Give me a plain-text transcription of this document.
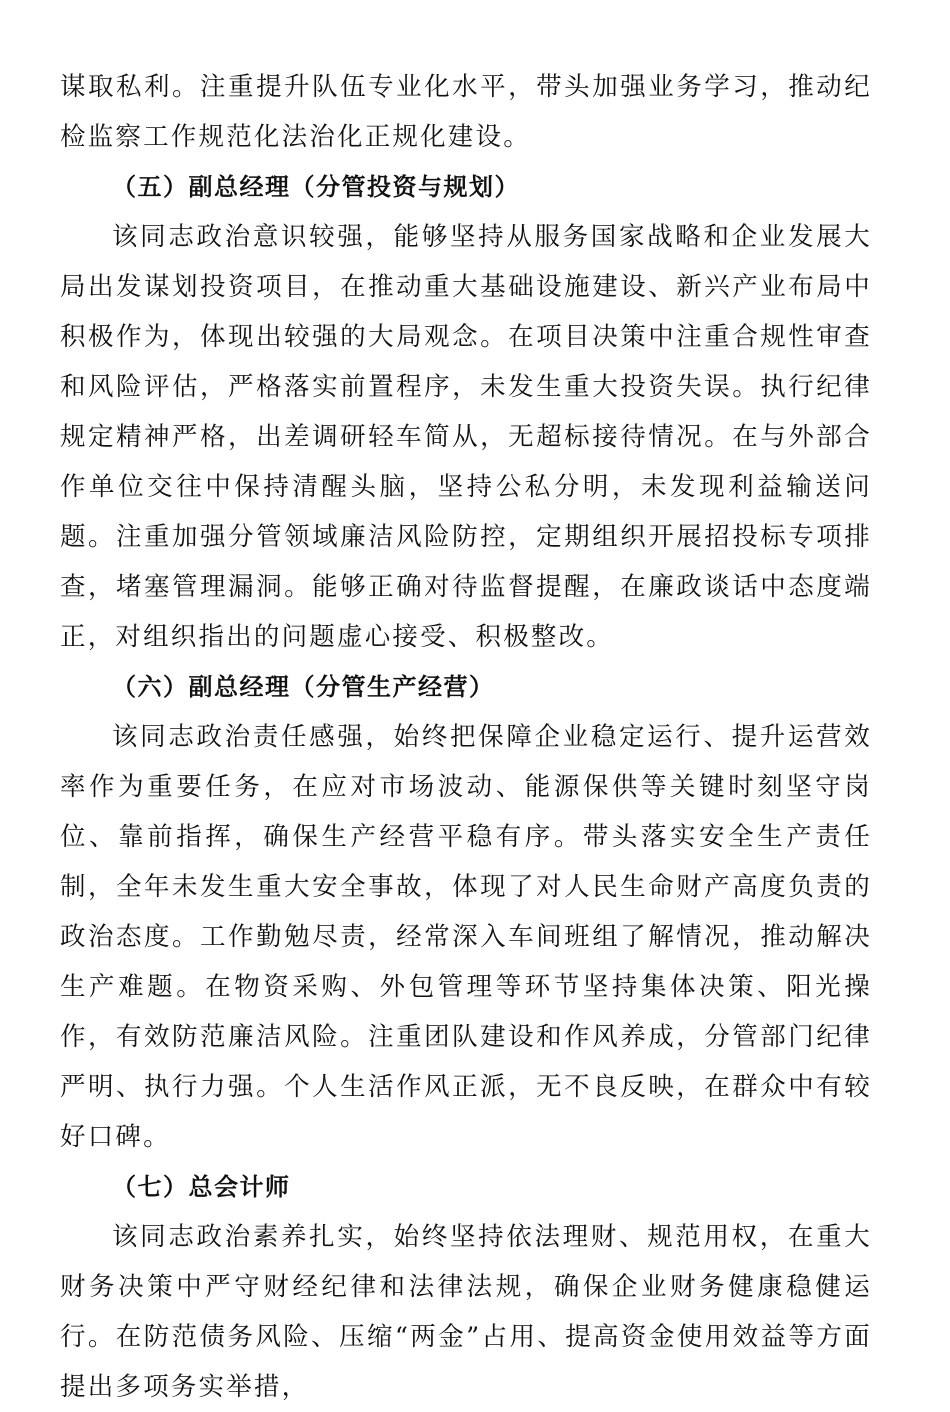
谋取私利。注重提升队伍专业化水平，带头加强业务学习，推动纪检监察工作规范化法治化正规化建设。

（五）副总经理（分管投资与规划）

该同志政治意识较强，能够坚持从服务国家战略和企业发展大局出发谋划投资项目，在推动重大基础设施建设、新兴产业布局中积极作为，体现出较强的大局观念。在项目决策中注重合规性审查和风险评估，严格落实前置程序，未发生重大投资失误。执行纪律规定精神严格，出差调研轻车简从，无超标接待情况。在与外部合作单位交往中保持清醒头脑，坚持公私分明，未发现利益输送问题。注重加强分管领域廉洁风险防控，定期组织开展招投标专项排查，堵塞管理漏洞。能够正确对待监督提醒，在廉政谈话中态度端正，对组织指出的问题虚心接受、积极整改。

（六）副总经理（分管生产经营）

该同志政治责任感强，始终把保障企业稳定运行、提升运营效率作为重要任务，在应对市场波动、能源保供等关键时刻坚守岗位、靠前指挥，确保生产经营平稳有序。带头落实安全生产责任制，全年未发生重大安全事故，体现了对人民生命财产高度负责的政治态度。工作勤勉尽责，经常深入车间班组了解情况，推动解决生产难题。在物资采购、外包管理等环节坚持集体决策、阳光操作，有效防范廉洁风险。注重团队建设和作风养成，分管部门纪律严明、执行力强。个人生活作风正派，无不良反映，在群众中有较好口碑。

（七）总会计师

该同志政治素养扎实，始终坚持依法理财、规范用权，在重大财务决策中严守财经纪律和法律法规，确保企业财务健康稳健运行。在防范债务风险、压缩“两金”占用、提高资金使用效益等方面提出多项务实举措，
